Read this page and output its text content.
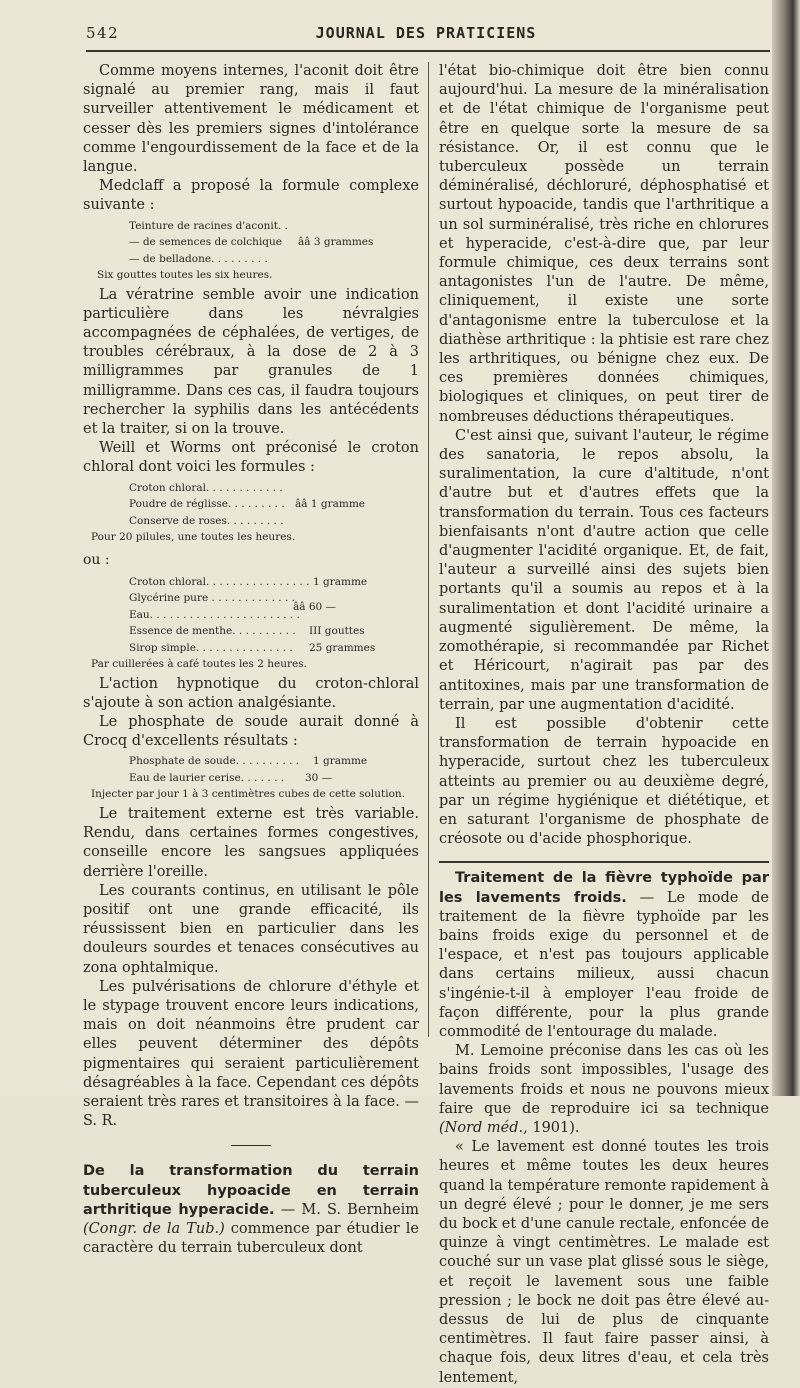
542	JOURNAL DES PRATICIENS

Comme moyens internes, l'aconit doit être signalé au premier rang, mais il faut surveiller attentivement le médicament et cesser dès les premiers signes d'intolérance comme l'engourdissement de la face et de la langue.

Medclaff a proposé la formule complexe suivante :

Teinture de racines d'aconit. .
— de semences de colchique ââ 3 grammes
— de belladone. . . . . . . . .
Six gouttes toutes les six heures.

La vératrine semble avoir une indication particulière dans les névralgies accompagnées de céphalées, de vertiges, de troubles cérébraux, à la dose de 2 à 3 milligrammes par granules de 1 milligramme. Dans ces cas, il faudra toujours rechercher la syphilis dans les antécédents et la traiter, si on la trouve.

Weill et Worms ont préconisé le croton chloral dont voici les formules :

Croton chloral. . . . . . . . . . . .
Poudre de réglisse. . . . . . . . . ââ 1 gramme
Conserve de roses. . . . . . . . .
Pour 20 pilules, une toutes les heures.
ou :
Croton chloral. . . . . . . . . . . . . . . . 1 gramme
Glycérine pure . . . . . . . . . . . . .
Eau. . . . . . . . . . . . . . . . . . . . . . .
ââ 60 —
Essence de menthe. . . . . . . . . . III gouttes
Sirop simple. . . . . . . . . . . . . . . 25 grammes
Par cuillerées à café toutes les 2 heures.

L'action hypnotique du croton-chloral s'ajoute à son action analgésiante.

Le phosphate de soude aurait donné à Crocq d'excellents résultats :

Phosphate de soude. . . . . . . . . . 1 gramme
Eau de laurier cerise. . . . . . . 30 —
Injecter par jour 1 à 3 centimètres cubes de cette solution.

Le traitement externe est très variable. Rendu, dans certaines formes congestives, conseille encore les sangsues appliquées derrière l'oreille.

Les courants continus, en utilisant le pôle positif ont une grande efficacité, ils réussissent bien en particulier dans les douleurs sourdes et tenaces consécutives au zona ophtalmique.

Les pulvérisations de chlorure d'éthyle et le stypage trouvent encore leurs indications, mais on doit néanmoins être prudent car elles peuvent déterminer des dépôts pigmentaires qui seraient particulièrement désagréables à la face. Cependant ces dépôts seraient très rares et transitoires à la face. — S. R.

De la transformation du terrain tuberculeux hypoacide en terrain arthritique hyperacide. — M. S. Bernheim (Congr. de la Tub.) commence par étudier le caractère du terrain tuberculeux dont

l'état bio-chimique doit être bien connu aujourd'hui. La mesure de la minéralisation et de l'état chimique de l'organisme peut être en quelque sorte la mesure de sa résistance. Or, il est connu que le tuberculeux possède un terrain déminéralisé, déchloruré, déphosphatisé et surtout hypoacide, tandis que l'arthritique a un sol surminéralisé, très riche en chlorures et hyperacide, c'est-à-dire que, par leur formule chimique, ces deux terrains sont antagonistes l'un de l'autre. De même, cliniquement, il existe une sorte d'antagonisme entre la tuberculose et la diathèse arthritique : la phtisie est rare chez les arthritiques, ou bénigne chez eux. De ces premières données chimiques, biologiques et cliniques, on peut tirer de nombreuses déductions thérapeutiques.

C'est ainsi que, suivant l'auteur, le régime des sanatoria, le repos absolu, la suralimentation, la cure d'altitude, n'ont d'autre but et d'autres effets que la transformation du terrain. Tous ces facteurs bienfaisants n'ont d'autre action que celle d'augmenter l'acidité organique. Et, de fait, l'auteur a surveillé ainsi des sujets bien portants qu'il a soumis au repos et à la suralimentation et dont l'acidité urinaire a augmenté sigulièrement. De même, la zomothérapie, si recommandée par Richet et Héricourt, n'agirait pas par des antitoxines, mais par une transformation de terrain, par une augmentation d'acidité.

Il est possible d'obtenir cette transformation de terrain hypoacide en hyperacide, surtout chez les tuberculeux atteints au premier ou au deuxième degré, par un régime hygiénique et diététique, et en saturant l'organisme de phosphate de créosote ou d'acide phosphorique.

Traitement de la fièvre typhoïde par les lavements froids. — Le mode de traitement de la fièvre typhoïde par les bains froids exige du personnel et de l'espace, et n'est pas toujours applicable dans certains milieux, aussi chacun s'ingénie-t-il à employer l'eau froide de façon différente, pour la plus grande commodité de l'entourage du malade.

M. Lemoine préconise dans les cas où les bains froids sont impossibles, l'usage des lavements froids et nous ne pouvons mieux faire que de reproduire ici sa technique (Nord méd., 1901).

« Le lavement est donné toutes les trois heures et même toutes les deux heures quand la température remonte rapidement à un degré élevé ; pour le donner, je me sers du bock et d'une canule rectale, enfoncée de quinze à vingt centimètres. Le malade est couché sur un vase plat glissé sous le siège, et reçoit le lavement sous une faible pression ; le bock ne doit pas être élevé au-dessus de lui de plus de cinquante centimètres. Il faut faire passer ainsi, à chaque fois, deux litres d'eau, et cela très lentement,
